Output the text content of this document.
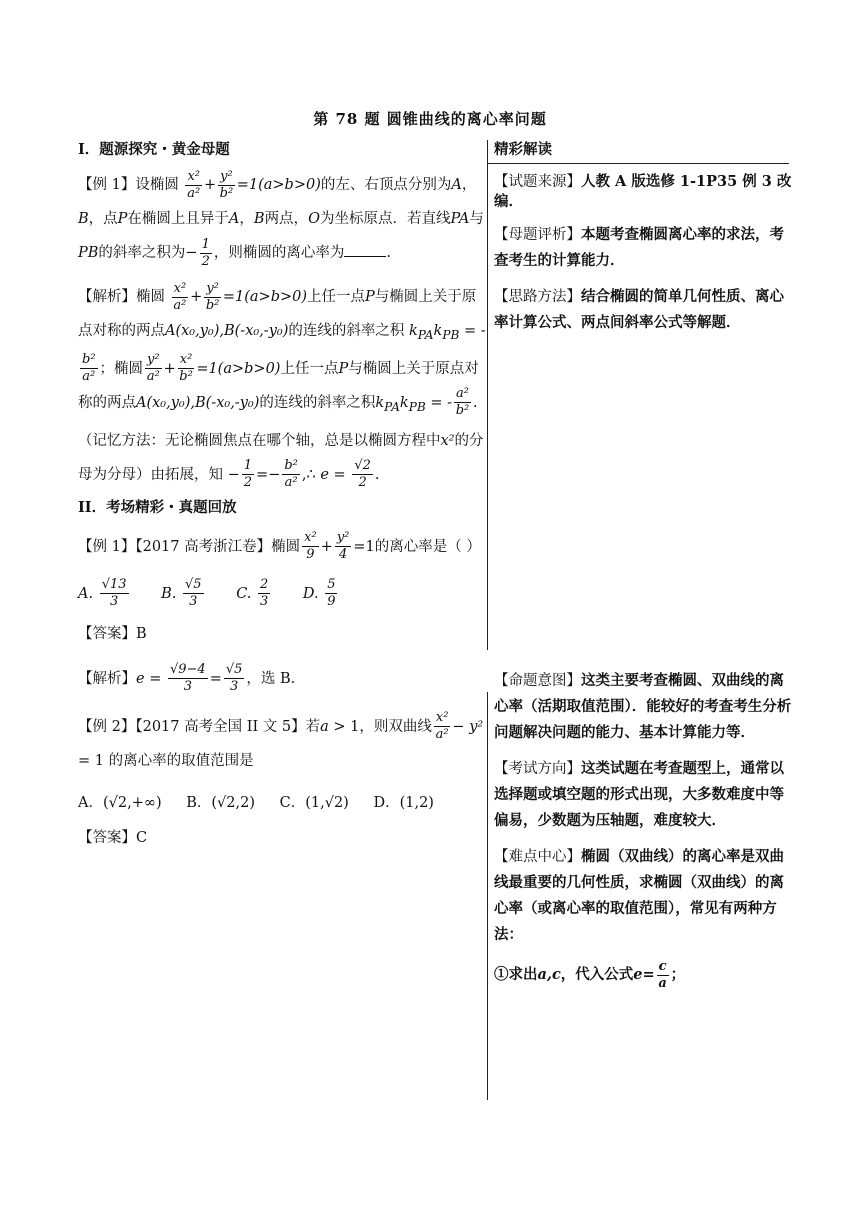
第 78 题 圆锥曲线的离心率问题

I．题源探究・黄金母题

【例 1】设椭圆 $\frac{\text{x²}}{\text{a²}} + \frac{\text{y²}}{\text{b²}} =1(a>b>0)$的左、右顶点分别为A，B，点P在椭圆上且异于A，B两点，O为坐标原点．若直线PA与PB的斜率之积为− $\frac{1}{2}$ ，则椭圆的离心率为	.

【解析】椭圆 $\frac{\text{x²}}{\text{a²}} + \frac{\text{y²}}{\text{b²}} =1(a>b>0)$上任一点P与椭圆上关于原点对称的两点A(x₀,y₀),B(-x₀,-y₀)的连线的斜率之积 $k_{PA}k_{PB}$ = -
$\frac{\text{b²}}{\text{a²}}$ ；椭圆 $\frac{\text{y²}}{\text{a²}} + \frac{\text{x²}}{\text{b²}} =1(a>b>0)$上任一点P与椭圆上关于原点对称的两点A(x₀,y₀),B(-x₀,-y₀)的连线的斜率之积$k_{PA}k_{PB}$ = - $\frac{\text{a²}}{\text{b²}}$ . （记忆方法：无论椭圆焦点在哪个轴，总是以椭圆方程中x²的分母为分母）由拓展，知 − $\frac{1}{2} =- \frac{\text{b²}}{\text{a²}}$ ,∴ $e = \frac{√2}{2}$ .

II．考场精彩・真题回放

【例 1】【2017 高考浙江卷】椭圆 $\frac{\text{x²}}{9} + \frac{\text{y²}}{4} =1$的离心率是（ ）

A. $\frac{√13}{3} B$. $\frac{√5}{3} C$. $\frac{2}{3} D$. $\frac{5}{9}$

【答案】B

【解析】$e = \frac{√9-4}{3} = \frac{√5}{3}$ ，选 B.

【例 2】【2017 高考全国 II 文 5】若a > 1，则双曲线 $\frac{\text{x²}}{\text{a²}} - y^2 = 1$ 的离心率的取值范围是

A．(√2,+∞) B．(√2,2) C．(1,√2) D．(1,2)

【答案】C

精彩解读

【试题来源】人教 A 版选修 1-1P35 例 3 改编．

【母题评析】本题考查椭圆离心率的求法，考查考生的计算能力．

【思路方法】结合椭圆的简单几何性质、离心率计算公式、两点间斜率公式等解题．

【命题意图】这类主要考查椭圆、双曲线的离心率（活期取值范围）．能较好的考查考生分析问题解决问题的能力、基本计算能力等．

【考试方向】这类试题在考查题型上，通常以选择题或填空题的形式出现，大多数难度中等偏易，少数题为压轴题，难度较大．

【难点中心】椭圆（双曲线）的离心率是双曲线最重要的几何性质，求椭圆（双曲线）的离心率（或离心率的取值范围），常见有两种方法：

①求出a,c，代入公式$e= \frac{c}{a}$ ；
